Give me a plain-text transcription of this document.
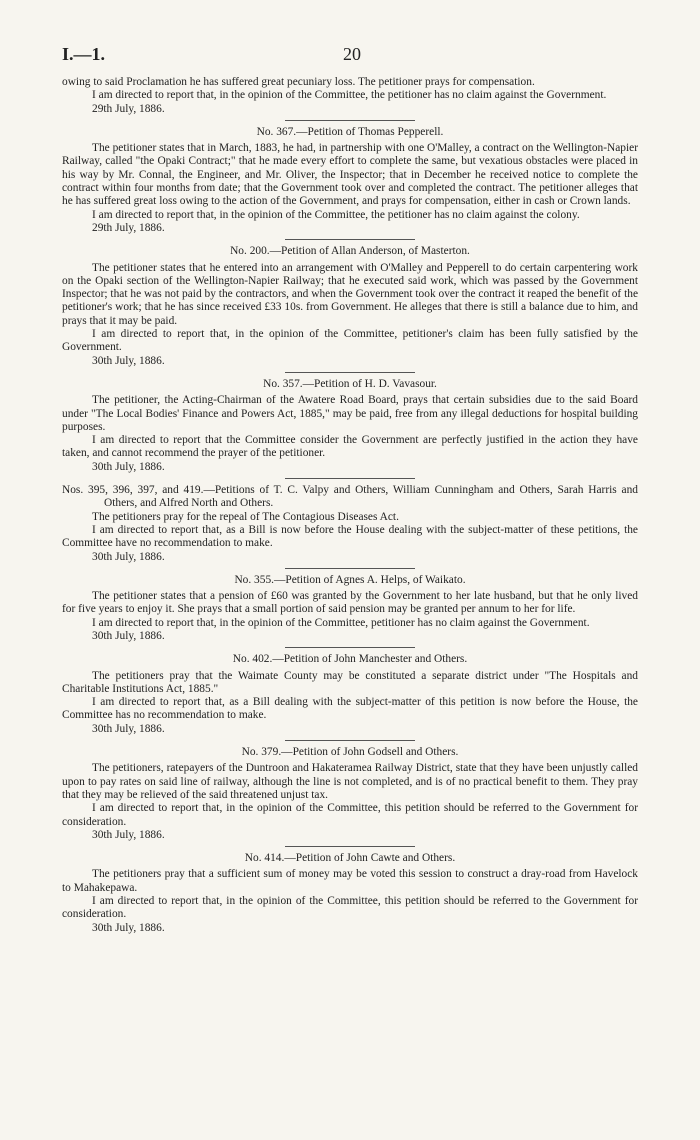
I.—1.	20

owing to said Proclamation he has suffered great pecuniary loss. The petitioner prays for compensation.

I am directed to report that, in the opinion of the Committee, the petitioner has no claim against the Government.

29th July, 1886.

No. 367.—Petition of Thomas Pepperell.

The petitioner states that in March, 1883, he had, in partnership with one O'Malley, a contract on the Wellington-Napier Railway, called "the Opaki Contract;" that he made every effort to complete the same, but vexatious obstacles were placed in his way by Mr. Connal, the Engineer, and Mr. Oliver, the Inspector; that in December he received notice to complete the contract within four months from date; that the Government took over and completed the contract. The petitioner alleges that he has suffered great loss owing to the action of the Government, and prays for compensation, either in cash or Crown lands.

I am directed to report that, in the opinion of the Committee, the petitioner has no claim against the colony.

29th July, 1886.

No. 200.—Petition of Allan Anderson, of Masterton.

The petitioner states that he entered into an arrangement with O'Malley and Pepperell to do certain carpentering work on the Opaki section of the Wellington-Napier Railway; that he executed said work, which was passed by the Government Inspector; that he was not paid by the contractors, and when the Government took over the contract it reaped the benefit of the petitioner's work; that he has since received £33 10s. from Government. He alleges that there is still a balance due to him, and prays that it may be paid.

I am directed to report that, in the opinion of the Committee, petitioner's claim has been fully satisfied by the Government.

30th July, 1886.

No. 357.—Petition of H. D. Vavasour.

The petitioner, the Acting-Chairman of the Awatere Road Board, prays that certain subsidies due to the said Board under "The Local Bodies' Finance and Powers Act, 1885," may be paid, free from any illegal deductions for hospital building purposes.

I am directed to report that the Committee consider the Government are perfectly justified in the action they have taken, and cannot recommend the prayer of the petitioner.

30th July, 1886.

Nos. 395, 396, 397, and 419.—Petitions of T. C. Valpy and Others, William Cunningham and Others, Sarah Harris and Others, and Alfred North and Others.

The petitioners pray for the repeal of The Contagious Diseases Act.

I am directed to report that, as a Bill is now before the House dealing with the subject-matter of these petitions, the Committee have no recommendation to make.

30th July, 1886.

No. 355.—Petition of Agnes A. Helps, of Waikato.

The petitioner states that a pension of £60 was granted by the Government to her late husband, but that he only lived for five years to enjoy it. She prays that a small portion of said pension may be granted per annum to her for life.

I am directed to report that, in the opinion of the Committee, petitioner has no claim against the Government.

30th July, 1886.

No. 402.—Petition of John Manchester and Others.

The petitioners pray that the Waimate County may be constituted a separate district under "The Hospitals and Charitable Institutions Act, 1885."

I am directed to report that, as a Bill dealing with the subject-matter of this petition is now before the House, the Committee has no recommendation to make.

30th July, 1886.

No. 379.—Petition of John Godsell and Others.

The petitioners, ratepayers of the Duntroon and Hakateramea Railway District, state that they have been unjustly called upon to pay rates on said line of railway, although the line is not completed, and is of no practical benefit to them. They pray that they may be relieved of the said threatened unjust tax.

I am directed to report that, in the opinion of the Committee, this petition should be referred to the Government for consideration.

30th July, 1886.

No. 414.—Petition of John Cawte and Others.

The petitioners pray that a sufficient sum of money may be voted this session to construct a dray-road from Havelock to Mahakepawa.

I am directed to report that, in the opinion of the Committee, this petition should be referred to the Government for consideration.

30th July, 1886.
